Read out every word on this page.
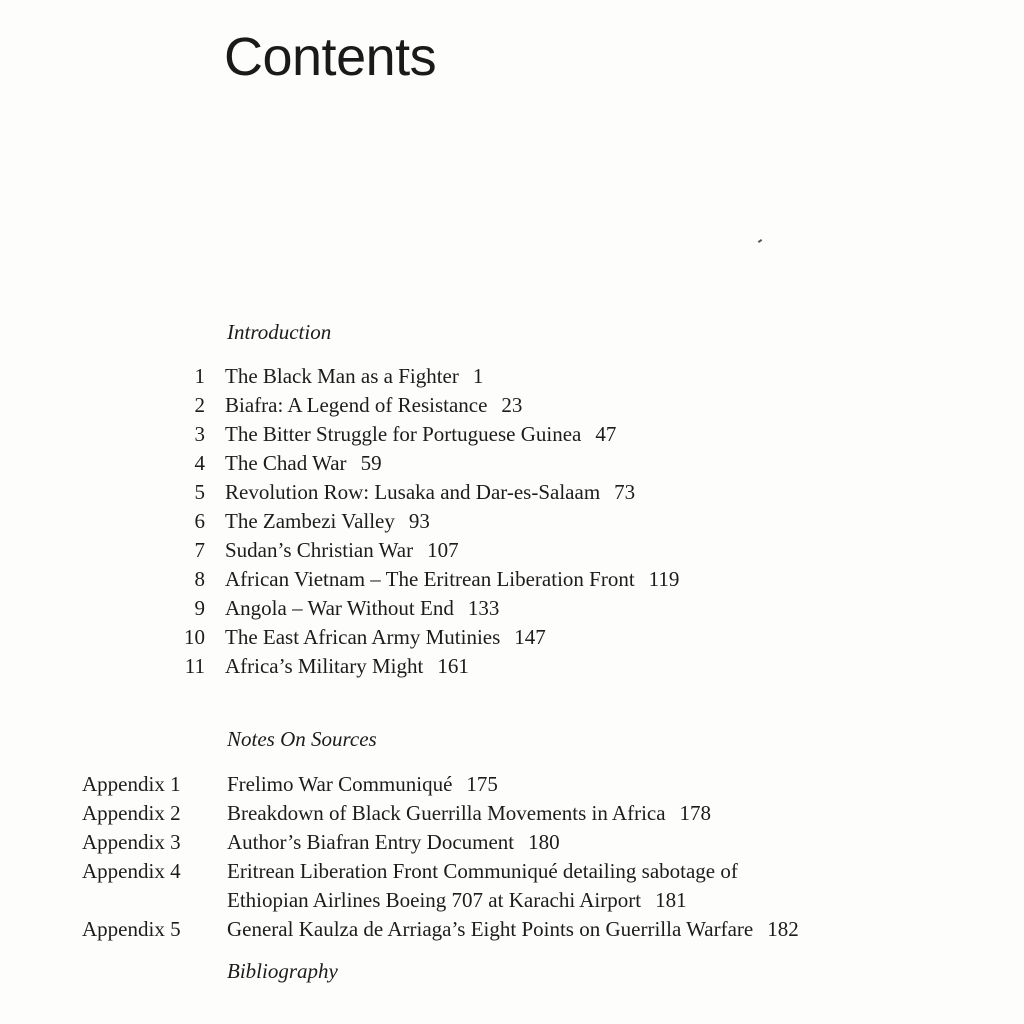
Contents
Introduction
1 The Black Man as a Fighter 1
2 Biafra: A Legend of Resistance 23
3 The Bitter Struggle for Portuguese Guinea 47
4 The Chad War 59
5 Revolution Row: Lusaka and Dar-es-Salaam 73
6 The Zambezi Valley 93
7 Sudan’s Christian War 107
8 African Vietnam – The Eritrean Liberation Front 119
9 Angola – War Without End 133
10 The East African Army Mutinies 147
11 Africa’s Military Might 161
Notes On Sources
Appendix 1	Frelimo War Communiqué 175
Appendix 2	Breakdown of Black Guerrilla Movements in Africa 178
Appendix 3	Author’s Biafran Entry Document 180
Appendix 4	Eritrean Liberation Front Communiqué detailing sabotage of
Ethiopian Airlines Boeing 707 at Karachi Airport 181
Appendix 5	General Kaulza de Arriaga’s Eight Points on Guerrilla Warfare 182
Bibliography
